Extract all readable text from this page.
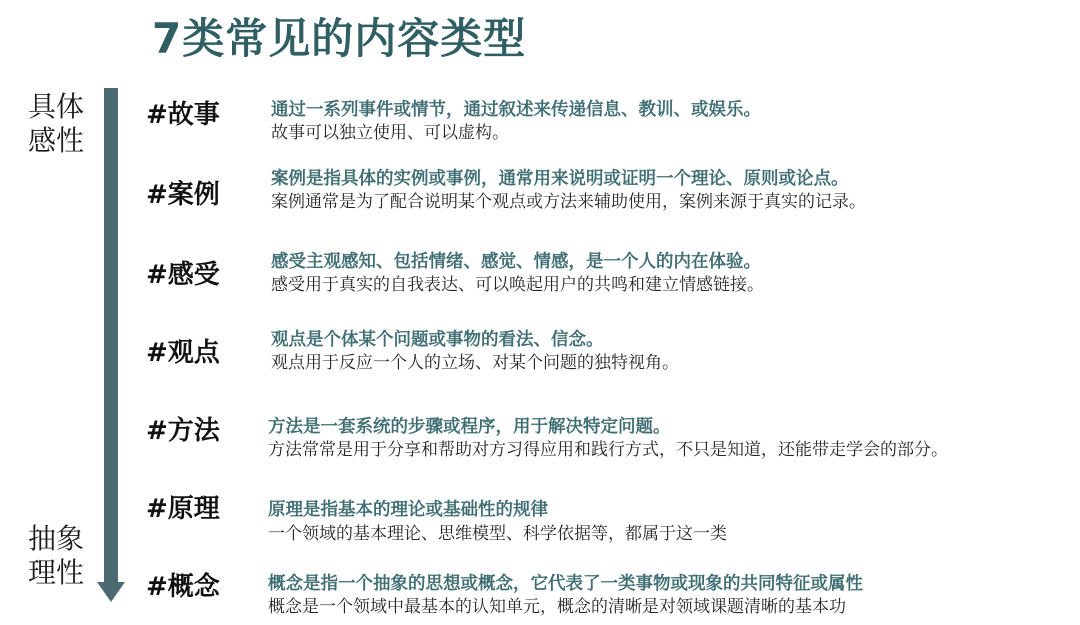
7类常见的内容类型
具体
感性
抽象
理性
#故事	通过一系列事件或情节，通过叙述来传递信息、教训、或娱乐。
故事可以独立使用、可以虚构。
#案例
案例是指具体的实例或事例，通常用来说明或证明一个理论、原则或论点。
案例通常是为了配合说明某个观点或方法来辅助使用，案例来源于真实的记录。
#感受	感受主观感知、包括情绪、感觉、情感，是一个人的内在体验。
感受用于真实的自我表达、可以唤起用户的共鸣和建立情感链接。
#观点	观点是个体某个问题或事物的看法、信念。
观点用于反应一个人的立场、对某个问题的独特视角。
#方法	方法是一套系统的步骤或程序，用于解决特定问题。
方法常常是用于分享和帮助对方习得应用和践行方式，不只是知道，还能带走学会的部分。
#原理	原理是指基本的理论或基础性的规律
一个领域的基本理论、思维模型、科学依据等，都属于这一类
#概念	概念是指一个抽象的思想或概念，它代表了一类事物或现象的共同特征或属性
概念是一个领域中最基本的认知单元，概念的清晰是对领域课题清晰的基本功
